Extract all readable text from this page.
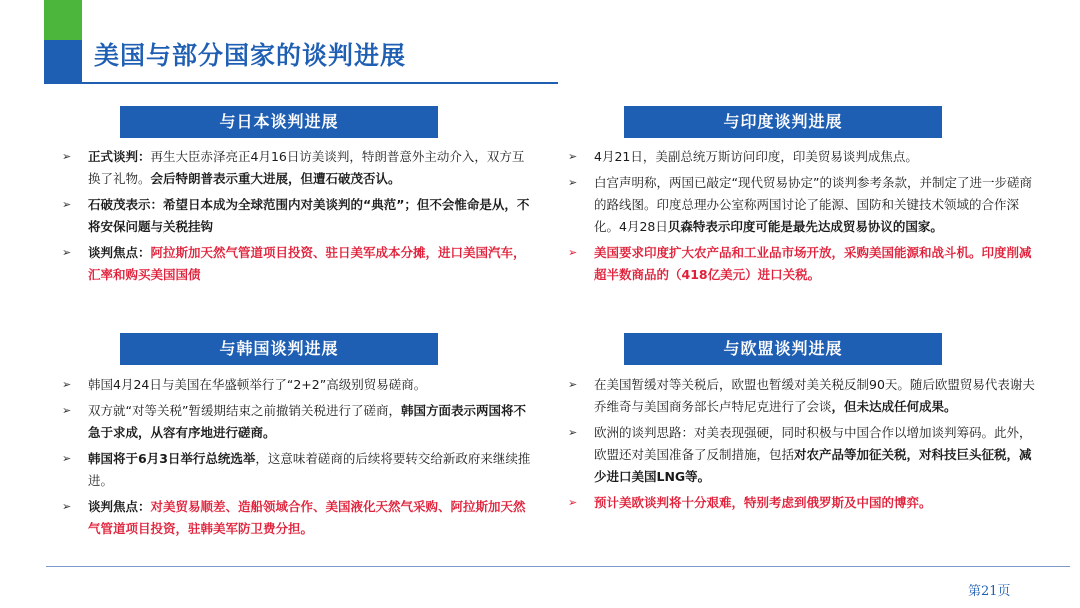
美国与部分国家的谈判进展
与日本谈判进展
➢ 正式谈判：再生大臣赤泽亮正4月16日访美谈判，特朗普意外主动介入，双方互换了礼物。会后特朗普表示重大进展，但遭石破茂否认。
➢ 石破茂表示：希望日本成为全球范围内对美谈判的“典范”；但不会惟命是从，不将安保问题与关税挂钩
➢ 谈判焦点：阿拉斯加天然气管道项目投资、驻日美军成本分摊，进口美国汽车，汇率和购买美国国债
与韩国谈判进展
➢ 韩国4月24日与美国在华盛顿举行了“2+2”高级别贸易磋商。
➢ 双方就“对等关税”暂缓期结束之前撤销关税进行了磋商，韩国方面表示两国将不急于求成，从容有序地进行磋商。
➢ 韩国将于6月3日举行总统选举，这意味着磋商的后续将要转交给新政府来继续推进。
➢ 谈判焦点：对美贸易顺差、造船领域合作、美国液化天然气采购、阿拉斯加天然气管道项目投资，驻韩美军防卫费分担。
与印度谈判进展
➢ 4月21日，美副总统万斯访问印度，印美贸易谈判成焦点。
➢ 白宫声明称，两国已敲定“现代贸易协定”的谈判参考条款，并制定了进一步磋商的路线图。印度总理办公室称两国讨论了能源、国防和关键技术领域的合作深化。4月28日贝森特表示印度可能是最先达成贸易协议的国家。
➢ 美国要求印度扩大农产品和工业品市场开放，采购美国能源和战斗机。印度削减超半数商品的（418亿美元）进口关税。
与欧盟谈判进展
➢ 在美国暂缓对等关税后，欧盟也暂缓对美关税反制90天。随后欧盟贸易代表谢夫乔维奇与美国商务部长卢特尼克进行了会谈，但未达成任何成果。
➢ 欧洲的谈判思路：对美表现强硬，同时积极与中国合作以增加谈判筹码。此外，欧盟还对美国准备了反制措施，包括对农产品等加征关税，对科技巨头征税，减少进口美国LNG等。
➢ 预计美欧谈判将十分艰难，特别考虑到俄罗斯及中国的博弈。
第21页
